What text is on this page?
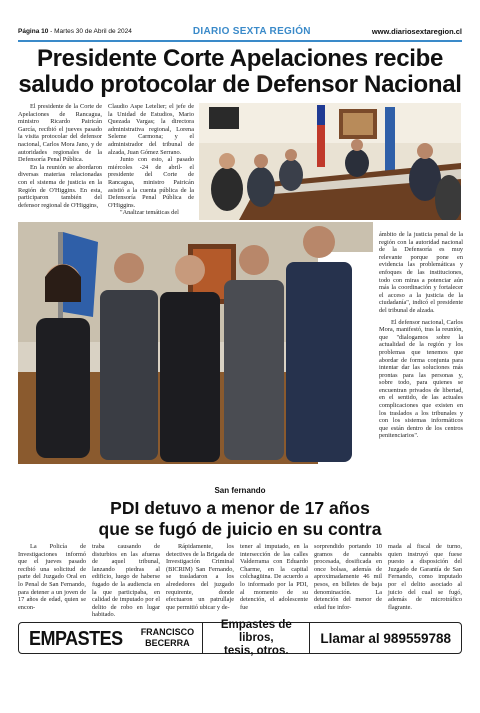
Página 10 - Martes 30 de Abril de 2024	DIARIO SEXTA REGIÓN	www.diariosextaregion.cl
Presidente Corte Apelaciones recibe
saludo protocolar de Defensor Nacional

El presidente de la Corte de Apelaciones de Rancagua, ministro Ricardo Pairicán García, recibió el jueves pasado la visita protocolar del defensor nacional, Carlos Mora Jano, y de autoridades regionales de la Defensoría Penal Pública.

En la reunión se abordaron diversas materias relacionadas con el sistema de justicia en la Región de O'Higgins. En esta, participaron también del defensor regional de O'Higgins,

Claudio Aspe Letelier; el jefe de la Unidad de Estudios, Mario Quezada Vargas; la directora administrativa regional, Lorena Seleme Carmona; y el administrador del tribunal de alzada, Juan Gómez Serrano.

Junto con esto, al pasado miércoles -24 de abril- el presidente del Corte de Rancagua, ministro Pairicán asistió a la cuenta pública de la Defensoría Penal Pública de O'Higgins.

"Analizar temáticas del

ámbito de la justicia penal de la región con la autoridad nacional de la Defensoría es muy relevante porque pone en evidencia las problemáticas y enfoques de las instituciones, todo con miras a potenciar aún más la coordinación y fortalecer el acceso a la justicia de la ciudadanía", indicó el presidente del tribunal de alzada.

El defensor nacional, Carlos Mora, manifestó, tras la reunión, que "dialogamos sobre la actualidad de la región y los problemas que tenemos que abordar de forma conjunta para intentar dar las soluciones más prontas para las personas y, sobre todo, para quienes se encuentran privados de libertad, en el sentido, de las actuales complicaciones que existen en los traslados a los tribunales y con los sistemas informáticos que están dentro de los centros penitenciarios".

San fernando
PDI detuvo a menor de 17 años
que se fugó de juicio en su contra

La Policía de Investigaciones informó que el jueves pasado recibió una solicitud de parte del Juzgado Oral en lo Penal de San Fernando, para detener a un joven de 17 años de edad, quien se encon-

traba causando de disturbios en las afueras de aquel tribunal, lanzando piedras al edificio, luego de haberse fugado de la audiencia en la que participaba, en calidad de imputado por el delito de robo en lugar habitado.

Rápidamente, los detectives de la Brigada de Investigación Criminal (BICRIM) San Fernando, se trasladaron a los alrededores del juzgado requirente, donde efectuaron un patrullaje que permitió ubicar y de-

tener al imputado, en la intersección de las calles Valderrama con Eduardo Charme, en la capital colchagüina. De acuerdo a lo informado por la PDI, al momento de su detención, el adolescente fue

sorprendido portando 10 gramos de cannabis procesada, dosificada en once bolsas, además de aproximadamente 46 mil pesos, en billetes de baja denominación. La detención del menor de edad fue infor-

mada al fiscal de turno, quien instruyó que fuese puesto a disposición del Juzgado de Garantía de San Fernando, como imputado por el delito asociado al juicio del cual se fugó, además de microtráfico flagrante.

EMPASTES	FRANCISCO
BECERRA
Empastes de libros,
tesis, otros.
Llamar al 989559788
